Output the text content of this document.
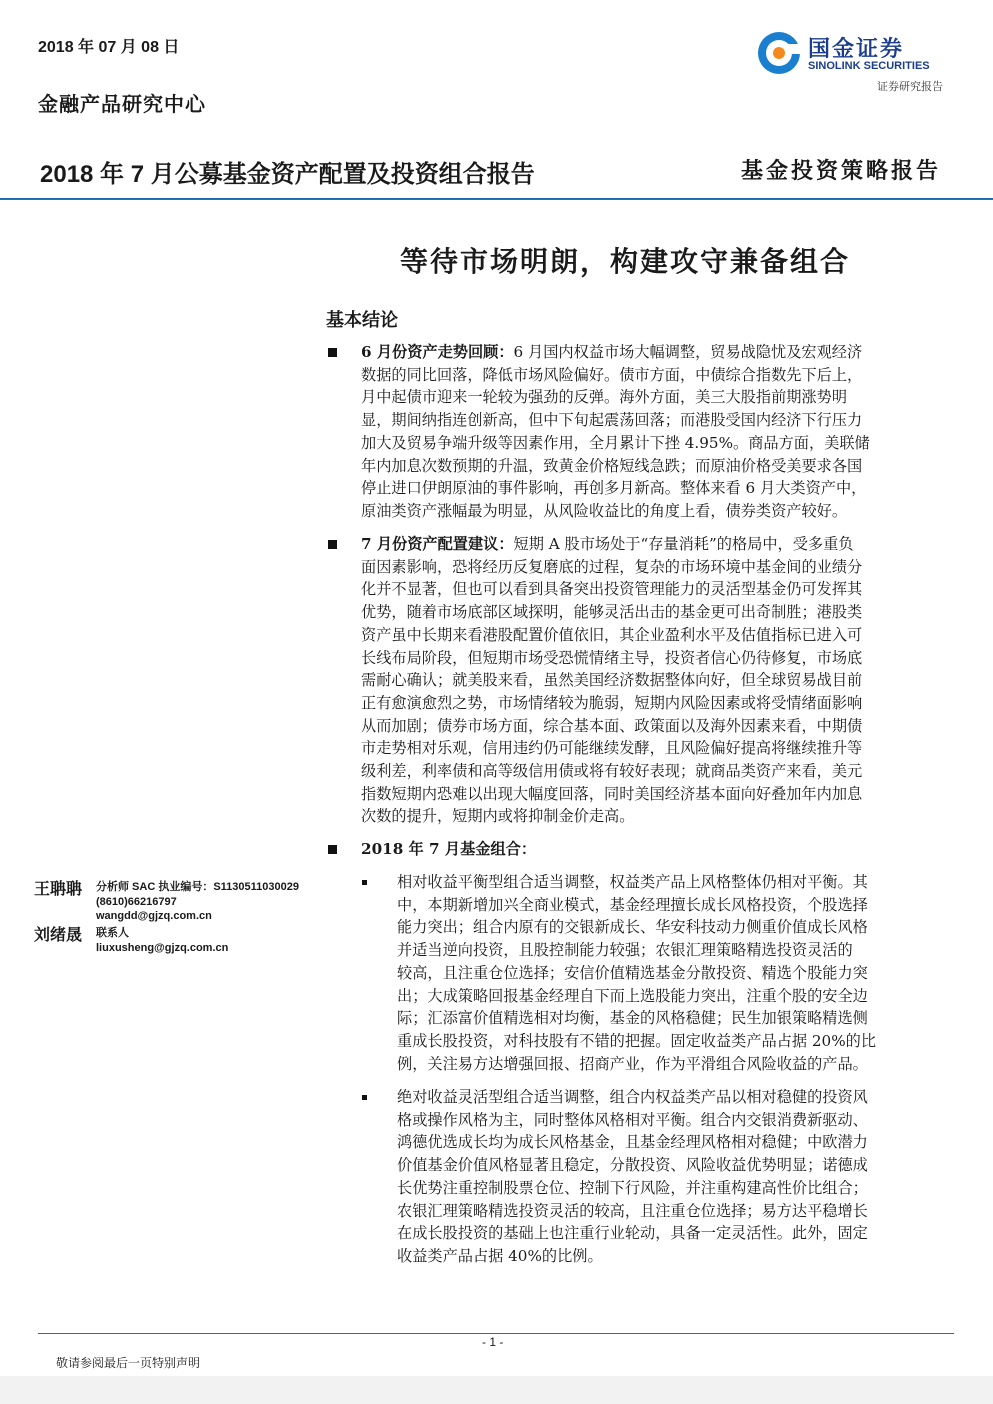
2018 年 07 月 08 日
金融产品研究中心
国金证券
SINOLINK SECURITIES
证券研究报告
2018 年 7 月公募基金资产配置及投资组合报告	基金投资策略报告
等待市场明朗，构建攻守兼备组合
基本结论
6 月份资产走势回顾：6 月国内权益市场大幅调整，贸易战隐忧及宏观经济
数据的同比回落，降低市场风险偏好。债市方面，中债综合指数先下后上，
月中起债市迎来一轮较为强劲的反弹。海外方面，美三大股指前期涨势明
显，期间纳指连创新高，但中下旬起震荡回落；而港股受国内经济下行压力
加大及贸易争端升级等因素作用，全月累计下挫 4.95%。商品方面，美联储
年内加息次数预期的升温，致黄金价格短线急跌；而原油价格受美要求各国
停止进口伊朗原油的事件影响，再创多月新高。整体来看 6 月大类资产中，
原油类资产涨幅最为明显，从风险收益比的角度上看，债券类资产较好。
7 月份资产配置建议：短期 A 股市场处于“存量消耗”的格局中，受多重负
面因素影响，恐将经历反复磨底的过程，复杂的市场环境中基金间的业绩分
化并不显著，但也可以看到具备突出投资管理能力的灵活型基金仍可发挥其
优势，随着市场底部区域探明，能够灵活出击的基金更可出奇制胜；港股类
资产虽中长期来看港股配置价值依旧，其企业盈利水平及估值指标已进入可
长线布局阶段，但短期市场受恐慌情绪主导，投资者信心仍待修复，市场底
需耐心确认；就美股来看，虽然美国经济数据整体向好，但全球贸易战目前
正有愈演愈烈之势，市场情绪较为脆弱，短期内风险因素或将受情绪面影响
从而加剧；债券市场方面，综合基本面、政策面以及海外因素来看，中期债
市走势相对乐观，信用违约仍可能继续发酵，且风险偏好提高将继续推升等
级利差，利率债和高等级信用债或将有较好表现；就商品类资产来看，美元
指数短期内恐难以出现大幅度回落，同时美国经济基本面向好叠加年内加息
次数的提升，短期内或将抑制金价走高。
2018 年 7 月基金组合：
相对收益平衡型组合适当调整，权益类产品上风格整体仍相对平衡。其
中，本期新增加兴全商业模式，基金经理擅长成长风格投资，个股选择
能力突出；组合内原有的交银新成长、华安科技动力侧重价值成长风格
并适当逆向投资，且股控制能力较强；农银汇理策略精选投资灵活的
较高，且注重仓位选择；安信价值精选基金分散投资、精选个股能力突
出；大成策略回报基金经理自下而上选股能力突出，注重个股的安全边
际；汇添富价值精选相对均衡，基金的风格稳健；民生加银策略精选侧
重成长股投资，对科技股有不错的把握。固定收益类产品占据 20%的比
例，关注易方达增强回报、招商产业，作为平滑组合风险收益的产品。
绝对收益灵活型组合适当调整，组合内权益类产品以相对稳健的投资风
格或操作风格为主，同时整体风格相对平衡。组合内交银消费新驱动、
鸿德优选成长均为成长风格基金，且基金经理风格相对稳健；中欧潜力
价值基金价值风格显著且稳定，分散投资、风险收益优势明显；诺德成
长优势注重控制股票仓位、控制下行风险，并注重构建高性价比组合；
农银汇理策略精选投资灵活的较高，且注重仓位选择；易方达平稳增长
在成长股投资的基础上也注重行业轮动，具备一定灵活性。此外，固定
收益类产品占据 40%的比例。
王聃聃 分析师 SAC 执业编号：S1130511030029
(8610)66216797
wangdd@gjzq.com.cn
刘绪晟 联系人
liuxusheng@gjzq.com.cn
- 1 -
敬请参阅最后一页特别声明
